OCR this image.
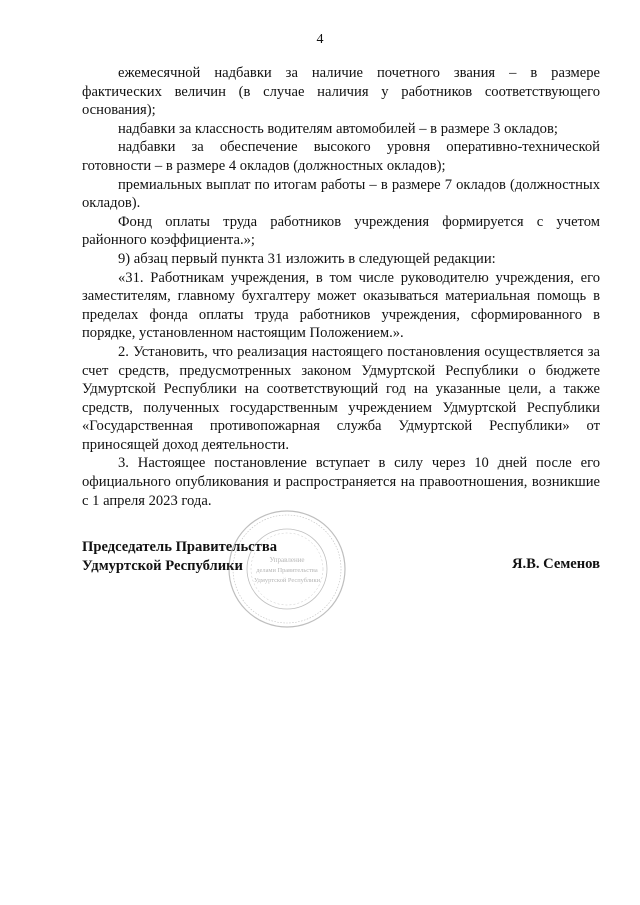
4

ежемесячной надбавки за наличие почетного звания – в размере фактических величин (в случае наличия у работников соответствующего основания);

надбавки за классность водителям автомобилей – в размере 3 окладов;

надбавки за обеспечение высокого уровня оперативно-технической готовности – в размере 4 окладов (должностных окладов);

премиальных выплат по итогам работы – в размере 7 окладов (должностных окладов).

Фонд оплаты труда работников учреждения формируется с учетом районного коэффициента.»;

9) абзац первый пункта 31 изложить в следующей редакции:

«31. Работникам учреждения, в том числе руководителю учреждения, его заместителям, главному бухгалтеру может оказываться материальная помощь в пределах фонда оплаты труда работников учреждения, сформированного в порядке, установленном настоящим Положением.».

2. Установить, что реализация настоящего постановления осуществляется за счет средств, предусмотренных законом Удмуртской Республики о бюджете Удмуртской Республики на соответствующий год на указанные цели, а также средств, полученных государственным учреждением Удмуртской Республики «Государственная противопожарная служба Удмуртской Республики» от приносящей доход деятельности.

3. Настоящее постановление вступает в силу через 10 дней после его официального опубликования и распространяется на правоотношения, возникшие с 1 апреля 2023 года.

Председатель Правительства
Удмуртской Республики	Я.В. Семенов
Управление
делами Правительства
Удмуртской Республики
